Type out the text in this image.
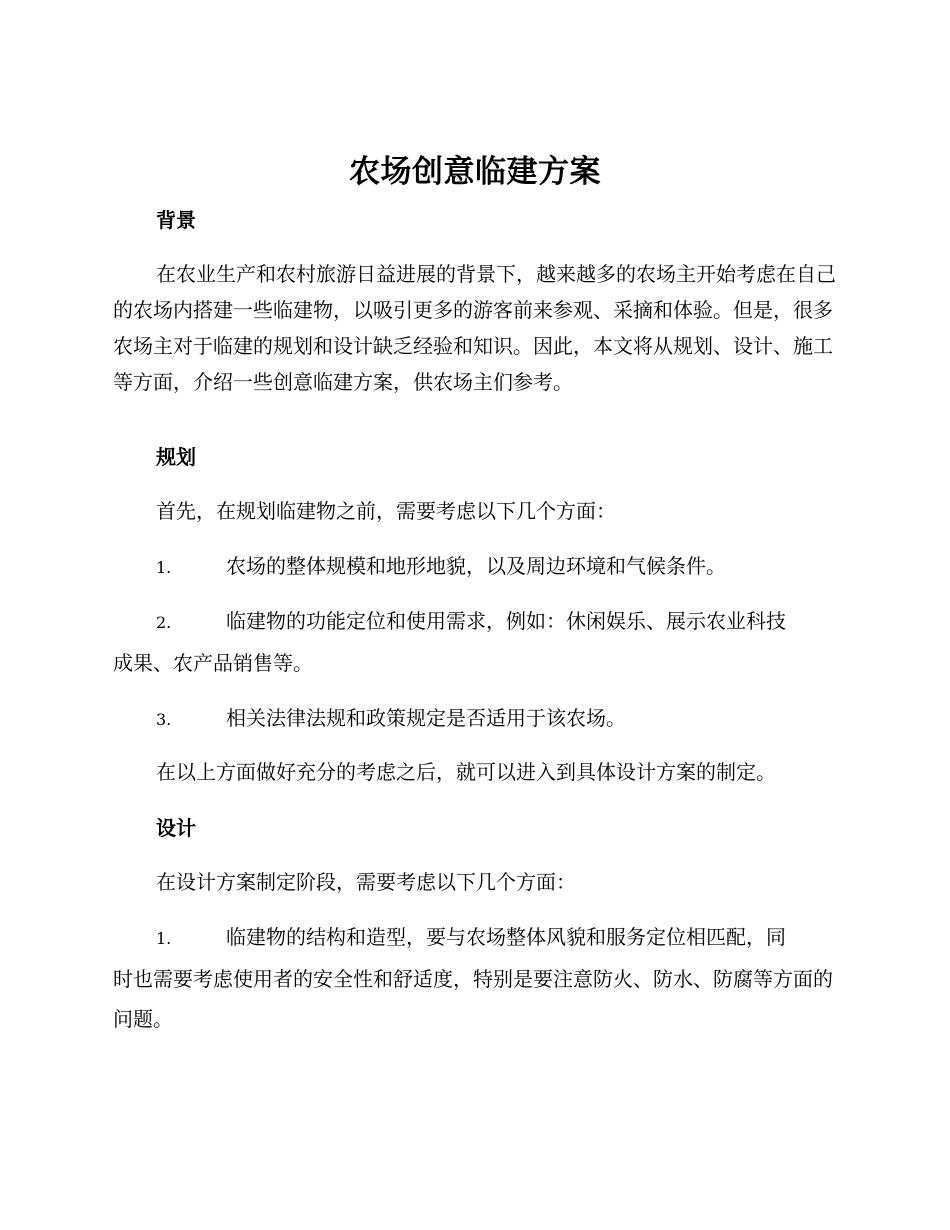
农场创意临建方案
背景

在农业生产和农村旅游日益进展的背景下，越来越多的农场主开始考虑在自己的农场内搭建一些临建物，以吸引更多的游客前来参观、采摘和体验。但是，很多农场主对于临建的规划和设计缺乏经验和知识。因此，本文将从规划、设计、施工等方面，介绍一些创意临建方案，供农场主们参考。

规划
首先，在规划临建物之前，需要考虑以下几个方面：
1.	农场的整体规模和地形地貌，以及周边环境和气候条件。
2.	临建物的功能定位和使用需求，例如：休闲娱乐、展示农业科技
成果、农产品销售等。
3.	相关法律法规和政策规定是否适用于该农场。
在以上方面做好充分的考虑之后，就可以进入到具体设计方案的制定。
设计
在设计方案制定阶段，需要考虑以下几个方面：
1.	临建物的结构和造型，要与农场整体风貌和服务定位相匹配，同
时也需要考虑使用者的安全性和舒适度，特别是要注意防火、防水、防腐等方面的问题。
